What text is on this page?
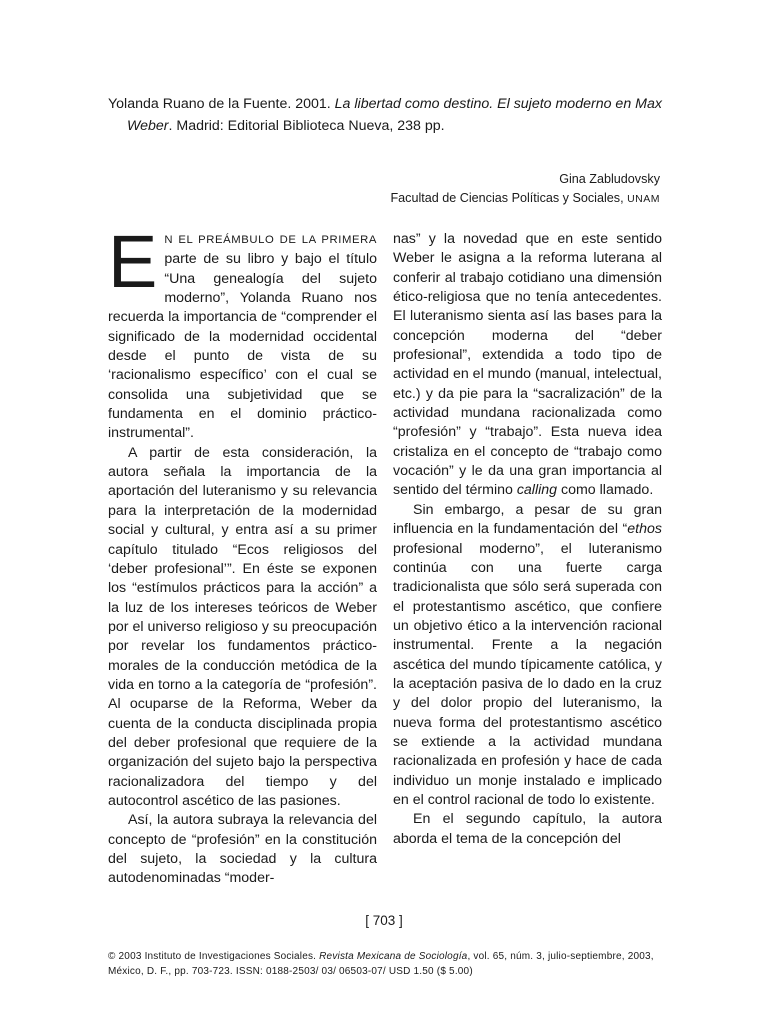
Yolanda Ruano de la Fuente. 2001. La libertad como destino. El sujeto moderno en Max Weber. Madrid: Editorial Biblioteca Nueva, 238 pp.
Gina Zabludovsky
Facultad de Ciencias Políticas y Sociales, UNAM

E N EL PREÁMBULO DE LA PRIMERA parte de su libro y bajo el título “Una genealogía del sujeto moderno”, Yolanda Ruano nos recuerda la importancia de “comprender el significado de la modernidad occidental desde el punto de vista de su ‘racionalismo específico’ con el cual se consolida una subjetividad que se fundamenta en el dominio práctico-instrumental”.

A partir de esta consideración, la autora señala la importancia de la aportación del luteranismo y su relevancia para la interpretación de la modernidad social y cultural, y entra así a su primer capítulo titulado “Ecos religiosos del ‘deber profesional’”. En éste se exponen los “estímulos prácticos para la acción” a la luz de los intereses teóricos de Weber por el universo religioso y su preocupación por revelar los fundamentos práctico-morales de la conducción metódica de la vida en torno a la categoría de “profesión”. Al ocuparse de la Reforma, Weber da cuenta de la conducta disciplinada propia del deber profesional que requiere de la organización del sujeto bajo la perspectiva racionalizadora del tiempo y del autocontrol ascético de las pasiones.

Así, la autora subraya la relevancia del concepto de “profesión” en la constitución del sujeto, la sociedad y la cultura autodenominadas “moder-

nas” y la novedad que en este sentido Weber le asigna a la reforma luterana al conferir al trabajo cotidiano una dimensión ético-religiosa que no tenía antecedentes. El luteranismo sienta así las bases para la concepción moderna del “deber profesional”, extendida a todo tipo de actividad en el mundo (manual, intelectual, etc.) y da pie para la “sacralización” de la actividad mundana racionalizada como “profesión” y “trabajo”. Esta nueva idea cristaliza en el concepto de “trabajo como vocación” y le da una gran importancia al sentido del término calling como llamado.

Sin embargo, a pesar de su gran influencia en la fundamentación del “ethos profesional moderno”, el luteranismo continúa con una fuerte carga tradicionalista que sólo será superada con el protestantismo ascético, que confiere un objetivo ético a la intervención racional instrumental. Frente a la negación ascética del mundo típicamente católica, y la aceptación pasiva de lo dado en la cruz y del dolor propio del luteranismo, la nueva forma del protestantismo ascético se extiende a la actividad mundana racionalizada en profesión y hace de cada individuo un monje instalado e implicado en el control racional de todo lo existente.

En el segundo capítulo, la autora aborda el tema de la concepción del

[ 703 ]
© 2003 Instituto de Investigaciones Sociales. Revista Mexicana de Sociología, vol. 65, núm. 3, julio-septiembre, 2003,
México, D. F., pp. 703-723. ISSN: 0188-2503/ 03/ 06503-07/ USD 1.50 ($ 5.00)
